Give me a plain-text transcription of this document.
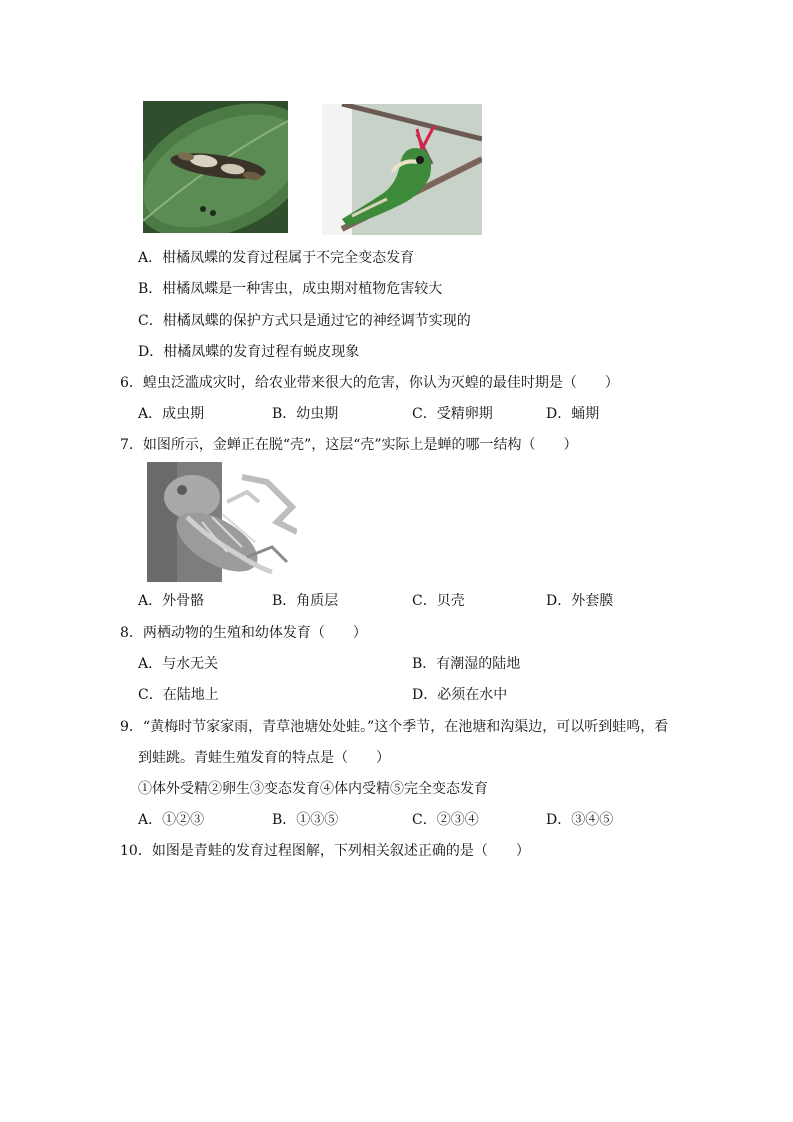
A．柑橘凤蝶的发育过程属于不完全变态发育
B．柑橘凤蝶是一种害虫，成虫期对植物危害较大
C．柑橘凤蝶的保护方式只是通过它的神经调节实现的
D．柑橘凤蝶的发育过程有蜕皮现象
6．蝗虫泛滥成灾时，给农业带来很大的危害，你认为灭蝗的最佳时期是（　　）
A．成虫期	B．幼虫期	C．受精卵期	D．蛹期
7．如图所示，金蝉正在脱“壳”，这层“壳”实际上是蝉的哪一结构（　　）
A．外骨骼	B．角质层	C．贝壳	D．外套膜
8．两栖动物的生殖和幼体发育（　　）
A．与水无关	B．有潮湿的陆地
C．在陆地上	D．必须在水中
9．“黄梅时节家家雨，青草池塘处处蛙。”这个季节，在池塘和沟渠边，可以听到蛙鸣，看
到蛙跳。青蛙生殖发育的特点是（　　）
①体外受精②卵生③变态发育④体内受精⑤完全变态发育
A．①②③	B．①③⑤	C．②③④	D．③④⑤
10．如图是青蛙的发育过程图解，下列相关叙述正确的是（　　）
